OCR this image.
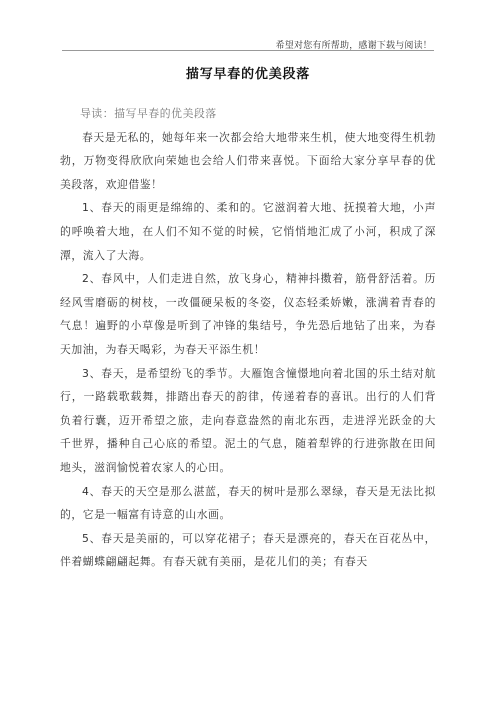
希望对您有所帮助，感谢下载与阅读！
描写早春的优美段落
导读：描写早春的优美段落

春天是无私的，她每年来一次都会给大地带来生机，使大地变得生机勃勃，万物变得欣欣向荣她也会给人们带来喜悦。下面给大家分享早春的优美段落，欢迎借鉴！

1、春天的雨更是绵绵的、柔和的。它滋润着大地、抚摸着大地，小声的呼唤着大地，在人们不知不觉的时候，它悄悄地汇成了小河，积成了深潭，流入了大海。

2、春风中，人们走进自然，放飞身心，精神抖擞着，筋骨舒活着。历经风雪磨砺的树枝，一改僵硬呆板的冬姿，仪态轻柔娇嫩，涨满着青春的气息！遍野的小草像是听到了冲锋的集结号，争先恐后地钻了出来，为春天加油，为春天喝彩，为春天平添生机！

3、春天，是希望纷飞的季节。大雁饱含憧憬地向着北国的乐土结对航行，一路载歌载舞，排踏出春天的韵律，传递着春的喜讯。出行的人们背负着行囊，迈开希望之旅，走向春意盎然的南北东西，走进浮光跃金的大千世界，播种自己心底的希望。泥土的气息，随着犁铧的行进弥散在田间地头，滋润愉悦着农家人的心田。

4、春天的天空是那么湛蓝，春天的树叶是那么翠绿，春天是无法比拟的，它是一幅富有诗意的山水画。

5、春天是美丽的，可以穿花裙子；春天是漂亮的，春天在百花丛中，伴着蝴蝶翩翩起舞。有春天就有美丽，是花儿们的美；有春天
